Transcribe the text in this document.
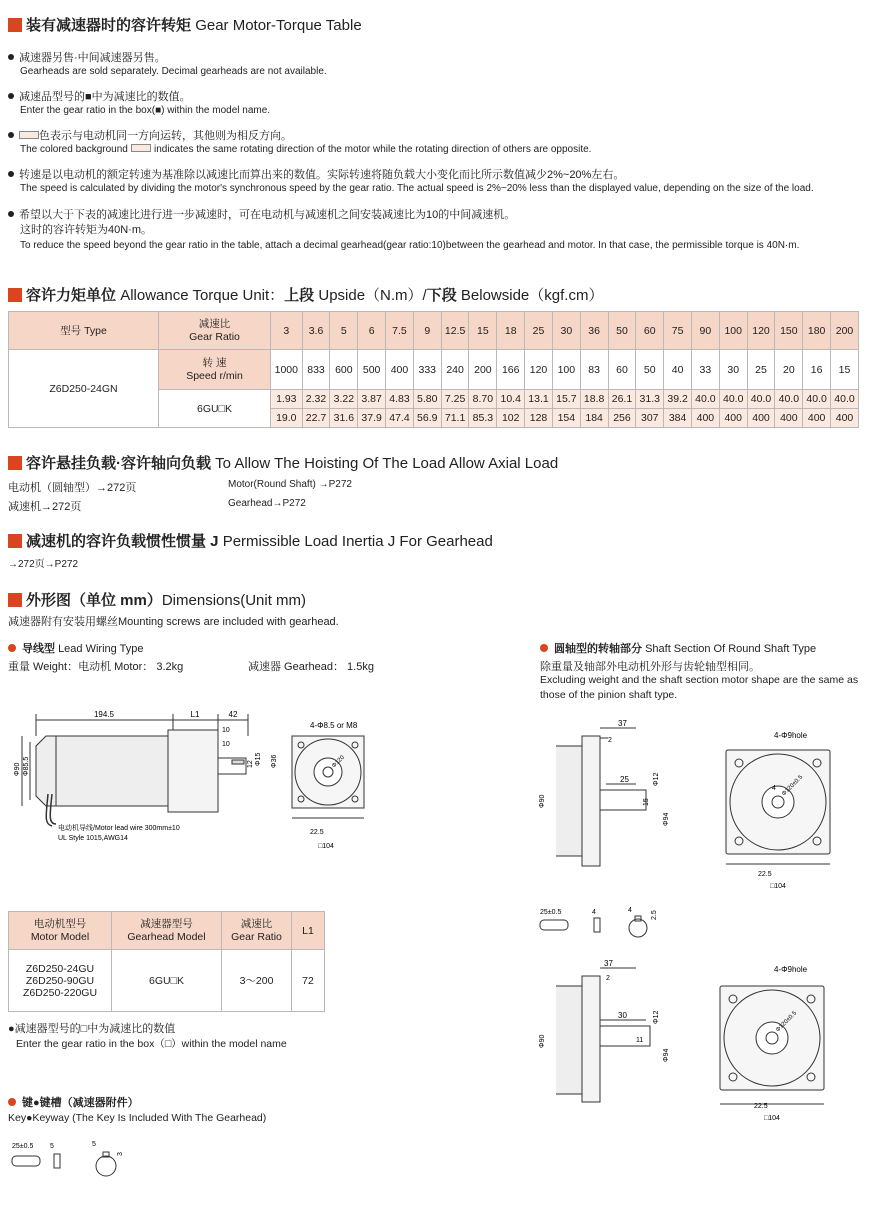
装有减速器时的容许转矩 Gear Motor-Torque Table
减速器另售·中间减速器另售。
Gearheads are sold separately. Decimal gearheads are not available.
减速品型号的■中为减速比的数值。
Enter the gear ratio in the box(■) within the model name.
色表示与电动机同一方向运转，其他则为相反方向。
The colored background	indicates the same rotating direction of the motor while the rotating direction of others are opposite.
转速是以电动机的额定转速为基准除以减速比而算出来的数值。实际转速将随负载大小变化而比所示数值减少2%~20%左右。
The speed is calculated by dividing the motor's synchronous speed by the gear ratio. The actual speed is 2%~20% less than the displayed value, depending on the size of the load.
希望以大于下表的减速比进行进一步减速时，可在电动机与减速机之间安装减速比为10的中间减速机。
这时的容许转矩为40N·m。
To reduce the speed beyond the gear ratio in the table, attach a decimal gearhead(gear ratio:10)between the gearhead and motor. In that case, the permissible torque is 40N·m.
容许力矩单位 Allowance Torque Unit：上段 Upside（N.m）/下段 Belowside（kgf.cm）
型号 Type	减速比
Gear Ratio	3	3.6	5	6	7.5	9	12.5	15	18	25	30	36	50	60	75	90	100	120	150	180	200
Z6D250-24GN	转 速
Speed r/min	1000	833	600	500	400	333	240	200	166	120	100	83	60	50	40	33	30	25	20	16	15
	6GU□K	1.93	2.32	3.22	3.87	4.83	5.80	7.25	8.70	10.4	13.1	15.7	18.8	26.1	31.3	39.2	40.0	40.0	40.0	40.0	40.0	40.0
		19.0	22.7	31.6	37.9	47.4	56.9	71.1	85.3	102	128	154	184	256	307	384	400	400	400	400	400	400
容许悬挂负载·容许轴向负载 To Allow The Hoisting Of The Load Allow Axial Load
电动机（圆轴型）→272页
减速机→272页
Motor(Round Shaft) →P272
Gearhead→P272
减速机的容许负载惯性惯量 J Permissible Load Inertia J For Gearhead
→272页→P272
外形图（单位 mm）Dimensions(Unit mm)
减速器附有安装用螺丝Mounting screws are included with gearhead.
导线型 Lead Wiring Type
重量 Weight：电动机 Motor： 3.2kg	减速器 Gearhead： 1.5kg
圆轴型的转轴部分 Shaft Section Of Round Shaft Type
除重量及轴部外电动机外形与齿轮轴型相同。
Excluding weight and the shaft section motor shape are the same as
those of the pinion shaft type.
194.5	L1	42
10
10
Φ90 Φ85.5
4-Φ8.5 or M8
22.5
□104
12 Φ15 Φ36	Φ120
电动机导线/Motor lead wire 300mm±10
UL Style 1015,AWG14
37
2
25
Φ90	15
Φ12
Φ94
4-Φ9hole
Φ120±0.5
22.5
□104
4
25±0.5	4	4	2.5
37
2
30
Φ90	11
Φ12
Φ94
4-Φ9hole
Φ120±0.5
22.5
□104
电动机型号
Motor Model	减速器型号
Gearhead Model	减速比
Gear Ratio	L1
Z6D250-24GU
Z6D250-90GU
Z6D250-220GU	6GU□K	3～200	72
●减速器型号的□中为减速比的数值
Enter the gear ratio in the box（□）within the model name
键●键槽（减速器附件）
Key●Keyway (The Key Is Included With The Gearhead)
25±0.5 5	5
3
